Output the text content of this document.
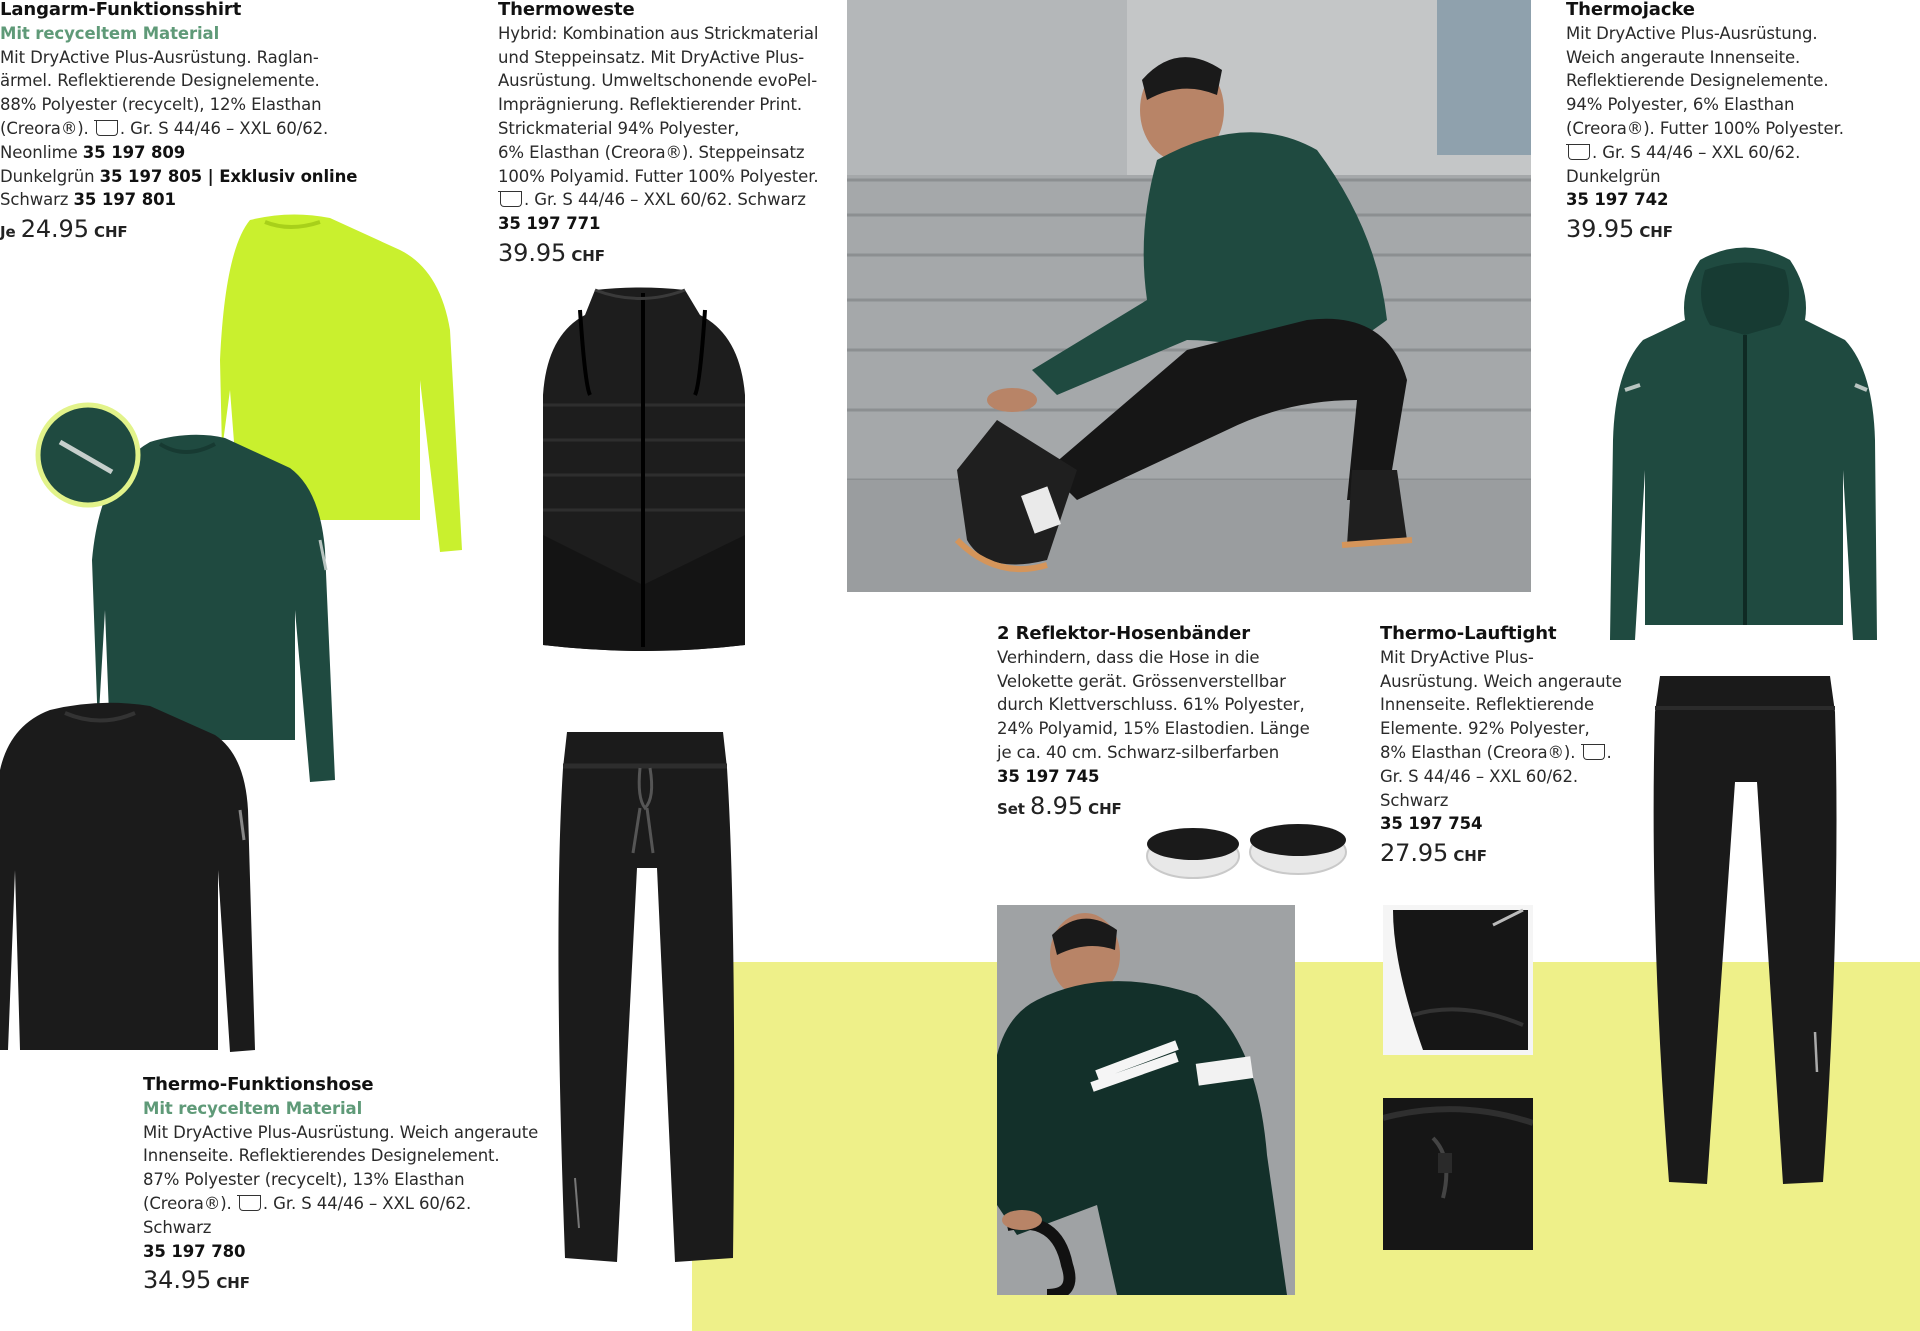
Langarm-Funktionsshirt
Mit recyceltem Material
Mit DryActive Plus-Ausrüstung. Raglan-
ärmel. Reflektierende Designelemente.
88% Polyester (recycelt), 12% Elasthan
(Creora®). . Gr. S 44/46 – XXL 60/62.
Neonlime 35 197 809
Dunkelgrün 35 197 805 | Exklusiv online
Schwarz 35 197 801
Je 24.95 CHF
Thermoweste
Hybrid: Kombination aus Strickmaterial
und Steppeinsatz. Mit DryActive Plus-
Ausrüstung. Umweltschonende evoPel-
Imprägnierung. Reflektierender Print.
Strickmaterial 94% Polyester,
6% Elasthan (Creora®). Steppeinsatz
100% Polyamid. Futter 100% Polyester.
. Gr. S 44/46 – XXL 60/62. Schwarz
35 197 771
39.95 CHF
Thermo-Funktionshose
Mit recyceltem Material
Mit DryActive Plus-Ausrüstung. Weich angeraute
Innenseite. Reflektierendes Designelement.
87% Polyester (recycelt), 13% Elasthan
(Creora®). . Gr. S 44/46 – XXL 60/62.
Schwarz
35 197 780
34.95 CHF
Thermojacke
Mit DryActive Plus-Ausrüstung.
Weich angeraute Innenseite.
Reflektierende Designelemente.
94% Polyester, 6% Elasthan
(Creora®). Futter 100% Polyester.
. Gr. S 44/46 – XXL 60/62.
Dunkelgrün
35 197 742
39.95 CHF
2 Reflektor-Hosenbänder
Verhindern, dass die Hose in die
Velokette gerät. Grössenverstellbar
durch Klettverschluss. 61% Polyester,
24% Polyamid, 15% Elastodien. Länge
je ca. 40 cm. Schwarz-silberfarben
35 197 745
Set 8.95 CHF
Thermo-Lauftight
Mit DryActive Plus-
Ausrüstung. Weich angeraute
Innenseite. Reflektierende
Elemente. 92% Polyester,
8% Elasthan (Creora®). .
Gr. S 44/46 – XXL 60/62.
Schwarz
35 197 754
27.95 CHF
